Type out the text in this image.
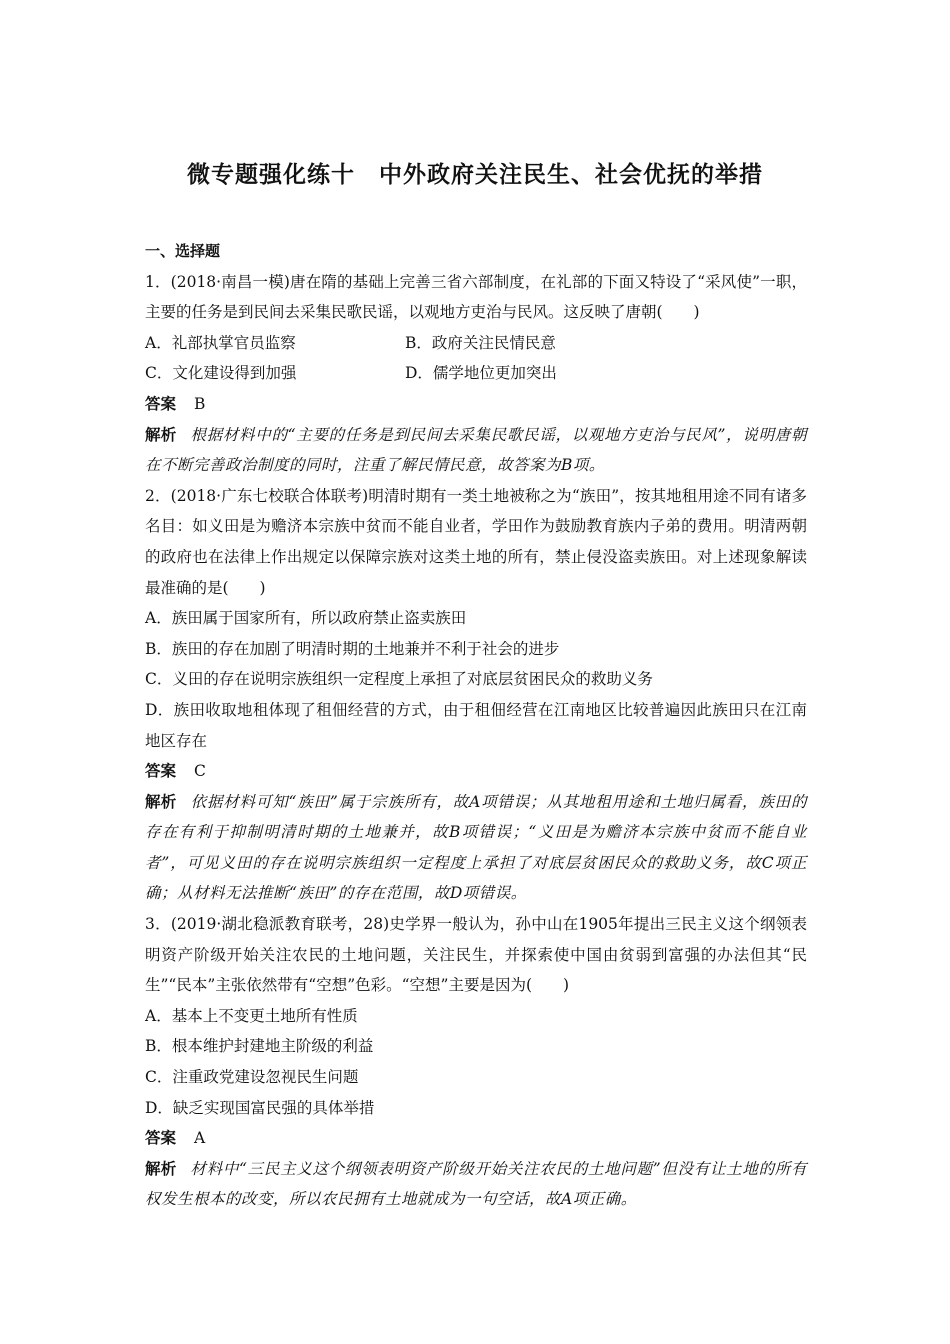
微专题强化练十　中外政府关注民生、社会优抚的举措
一、选择题
1．(2018·南昌一模)唐在隋的基础上完善三省六部制度，在礼部的下面又特设了“采风使”一职，主要的任务是到民间去采集民歌民谣，以观地方吏治与民风。这反映了唐朝(　　)
A．礼部执掌官员监察	B．政府关注民情民意
C．文化建设得到加强	D．儒学地位更加突出
答案 B
解析 根据材料中的“主要的任务是到民间去采集民歌民谣，以观地方吏治与民风”，说明唐朝在不断完善政治制度的同时，注重了解民情民意，故答案为B项。
2．(2018·广东七校联合体联考)明清时期有一类土地被称之为“族田”，按其地租用途不同有诸多名目：如义田是为赡济本宗族中贫而不能自业者，学田作为鼓励教育族内子弟的费用。明清两朝的政府也在法律上作出规定以保障宗族对这类土地的所有，禁止侵没盗卖族田。对上述现象解读最准确的是(　　)
A．族田属于国家所有，所以政府禁止盗卖族田
B．族田的存在加剧了明清时期的土地兼并不利于社会的进步
C．义田的存在说明宗族组织一定程度上承担了对底层贫困民众的救助义务
D．族田收取地租体现了租佃经营的方式，由于租佃经营在江南地区比较普遍因此族田只在江南地区存在
答案 C
解析 依据材料可知“族田”属于宗族所有，故A项错误；从其地租用途和土地归属看，族田的存在有利于抑制明清时期的土地兼并，故B项错误；“义田是为赡济本宗族中贫而不能自业者”，可见义田的存在说明宗族组织一定程度上承担了对底层贫困民众的救助义务，故C项正确；从材料无法推断“族田”的存在范围，故D项错误。
3．(2019·湖北稳派教育联考，28)史学界一般认为，孙中山在1905年提出三民主义这个纲领表明资产阶级开始关注农民的土地问题，关注民生，并探索使中国由贫弱到富强的办法但其“民生”“民本”主张依然带有“空想”色彩。“空想”主要是因为(　　)
A．基本上不变更土地所有性质
B．根本维护封建地主阶级的利益
C．注重政党建设忽视民生问题
D．缺乏实现国富民强的具体举措
答案 A
解析 材料中“三民主义这个纲领表明资产阶级开始关注农民的土地问题”但没有让土地的所有权发生根本的改变，所以农民拥有土地就成为一句空话，故A项正确。
